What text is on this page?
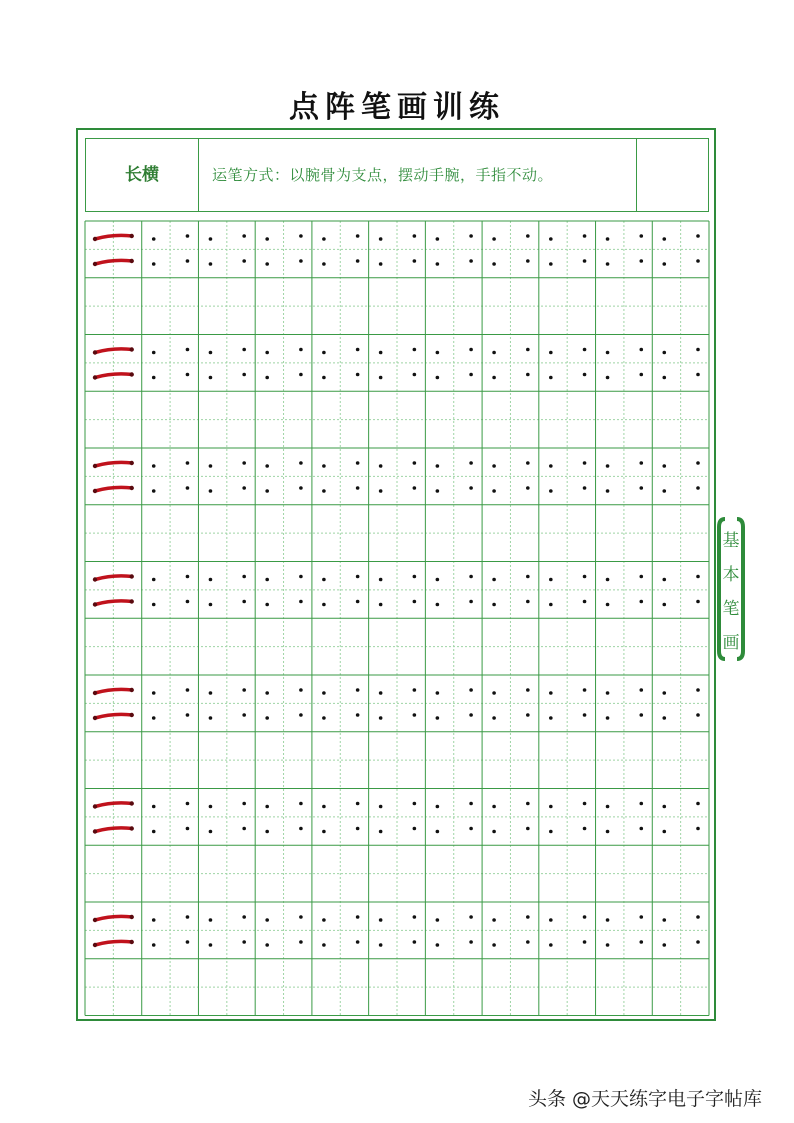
点阵笔画训练
长横	运笔方式：以腕骨为支点，摆动手腕，手指不动。
基
本
笔
画
头条 @天天练字电子字帖库
